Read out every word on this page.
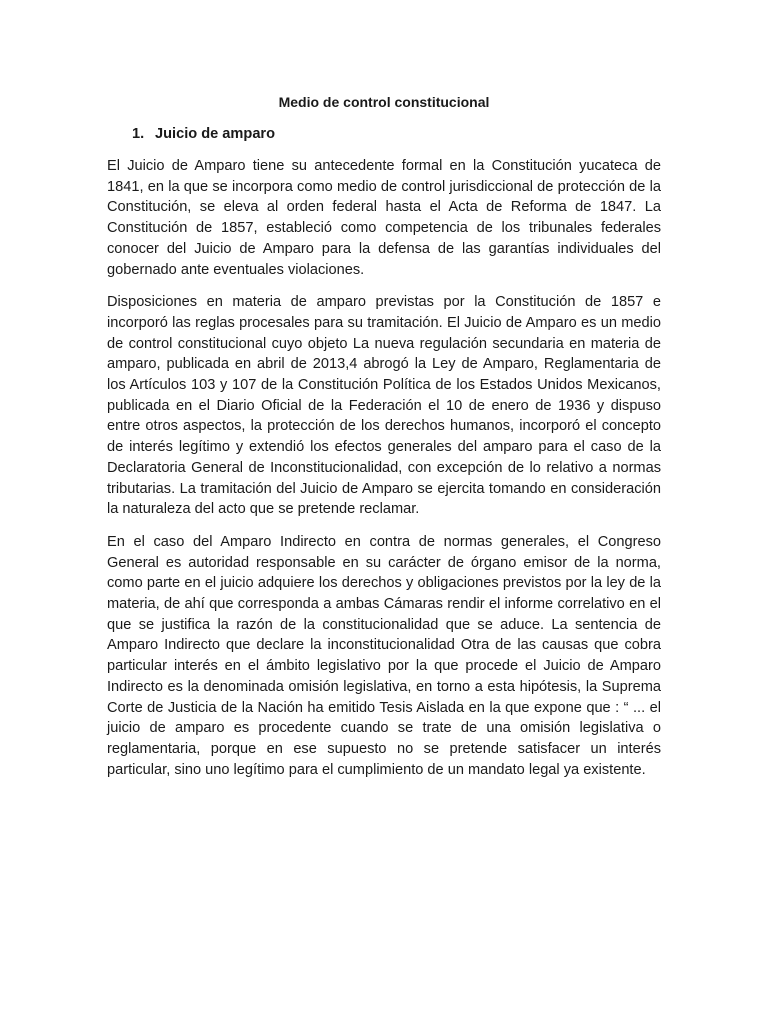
Medio de control constitucional
1. Juicio de amparo

El Juicio de Amparo tiene su antecedente formal en la Constitución yucateca de 1841, en la que se incorpora como medio de control jurisdiccional de protección de la Constitución, se eleva al orden federal hasta el Acta de Reforma de 1847. La Constitución de 1857, estableció como competencia de los tribunales federales conocer del Juicio de Amparo para la defensa de las garantías individuales del gobernado ante eventuales violaciones.

Disposiciones en materia de amparo previstas por la Constitución de 1857 e incorporó las reglas procesales para su tramitación. El Juicio de Amparo es un medio de control constitucional cuyo objeto La nueva regulación secundaria en materia de amparo, publicada en abril de 2013,4 abrogó la Ley de Amparo, Reglamentaria de los Artículos 103 y 107 de la Constitución Política de los Estados Unidos Mexicanos, publicada en el Diario Oficial de la Federación el 10 de enero de 1936 y dispuso entre otros aspectos, la protección de los derechos humanos, incorporó el concepto de interés legítimo y extendió los efectos generales del amparo para el caso de la Declaratoria General de Inconstitucionalidad, con excepción de lo relativo a normas tributarias. La tramitación del Juicio de Amparo se ejercita tomando en consideración la naturaleza del acto que se pretende reclamar.

En el caso del Amparo Indirecto en contra de normas generales, el Congreso General es autoridad responsable en su carácter de órgano emisor de la norma, como parte en el juicio adquiere los derechos y obligaciones previstos por la ley de la materia, de ahí que corresponda a ambas Cámaras rendir el informe correlativo en el que se justifica la razón de la constitucionalidad que se aduce. La sentencia de Amparo Indirecto que declare la inconstitucionalidad Otra de las causas que cobra particular interés en el ámbito legislativo por la que procede el Juicio de Amparo Indirecto es la denominada omisión legislativa, en torno a esta hipótesis, la Suprema Corte de Justicia de la Nación ha emitido Tesis Aislada en la que expone que : “ ... el juicio de amparo es procedente cuando se trate de una omisión legislativa o reglamentaria, porque en ese supuesto no se pretende satisfacer un interés particular, sino uno legítimo para el cumplimiento de un mandato legal ya existente.
